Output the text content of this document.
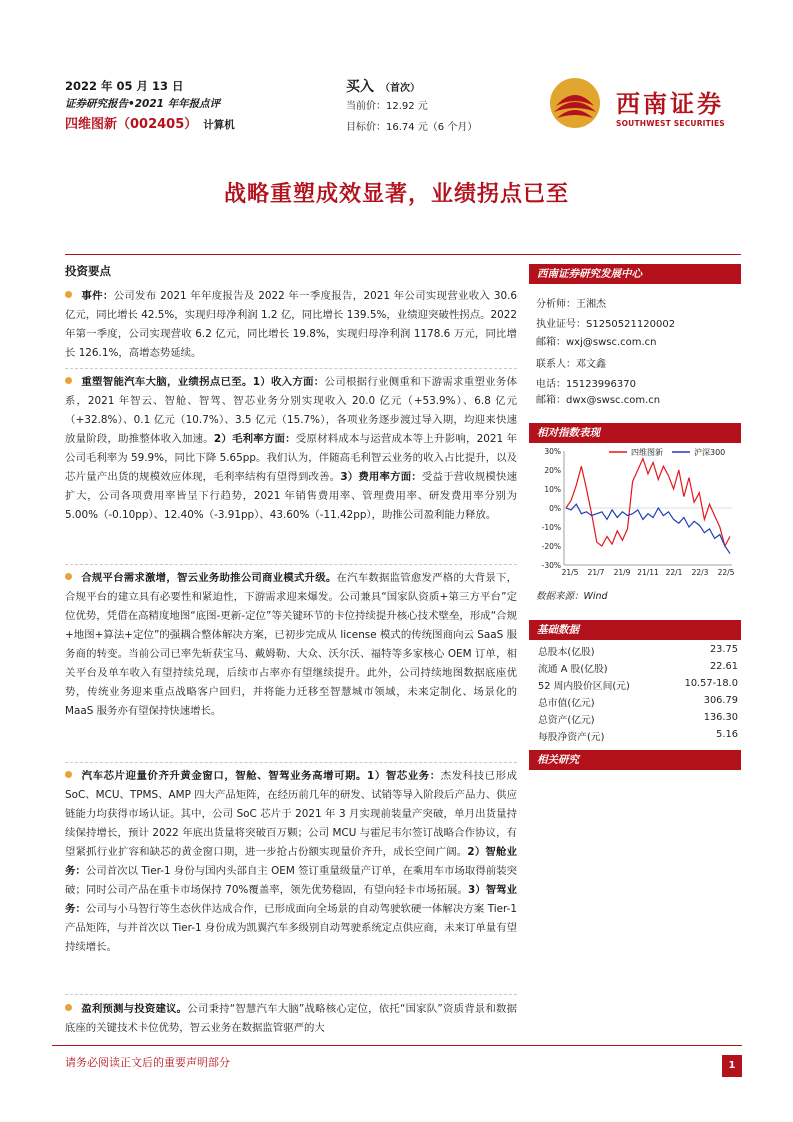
2022 年 05 月 13 日
证券研究报告•2021 年年报点评
四维图新（002405） 计算机
买入 （首次）
当前价：12.92 元
目标价：16.74 元（6 个月）
西南证券
SOUTHWEST SECURITIES
战略重塑成效显著，业绩拐点已至
投资要点
事件：公司发布 2021 年年度报告及 2022 年一季度报告，2021 年公司实现营业收入 30.6 亿元，同比增长 42.5%，实现归母净利润 1.2 亿，同比增长 139.5%，业绩迎突破性拐点。2022 年第一季度，公司实现营收 6.2 亿元，同比增长 19.8%，实现归母净利润 1178.6 万元，同比增长 126.1%，高增态势延续。
重塑智能汽车大脑，业绩拐点已至。1）收入方面：公司根据行业侧重和下游需求重塑业务体系，2021 年智云、智舱、智驾、智芯业务分别实现收入 20.0 亿元（+53.9%）、6.8 亿元（+32.8%）、0.1 亿元（10.7%）、3.5 亿元（15.7%），各项业务逐步渡过导入期，均迎来快速放量阶段，助推整体收入加速。2）毛利率方面：受原材料成本与运营成本等上升影响，2021 年公司毛利率为 59.9%，同比下降 5.65pp。我们认为，伴随高毛利智云业务的收入占比提升，以及芯片量产出货的规模效应体现，毛利率结构有望得到改善。3）费用率方面：受益于营收规模快速扩大，公司各项费用率皆呈下行趋势，2021 年销售费用率、管理费用率、研发费用率分别为 5.00%（-0.10pp）、12.40%（-3.91pp）、43.60%（-11.42pp），助推公司盈利能力释放。
合规平台需求激增，智云业务助推公司商业模式升级。在汽车数据监管愈发严格的大背景下，合规平台的建立具有必要性和紧迫性，下游需求迎来爆发。公司兼具“国家队资质+第三方平台”定位优势，凭借在高精度地图“底图-更新-定位”等关键环节的卡位持续提升核心技术壁垒，形成“合规+地图+算法+定位”的强耦合整体解决方案，已初步完成从 license 模式的传统图商向云 SaaS 服务商的转变。当前公司已率先斩获宝马、戴姆勒、大众、沃尔沃、福特等多家核心 OEM 订单，相关平台及单车收入有望持续兑现，后续市占率亦有望继续提升。此外，公司持续地图数据底座优势，传统业务迎来重点战略客户回归，并将能力迁移至智慧城市领域，未来定制化、场景化的 MaaS 服务亦有望保持快速增长。
汽车芯片迎量价齐升黄金窗口，智舱、智驾业务高增可期。1）智芯业务：杰发科技已形成 SoC、MCU、TPMS、AMP 四大产品矩阵，在经历前几年的研发、试销等导入阶段后产品力、供应链能力均获得市场认证。其中，公司 SoC 芯片于 2021 年 3 月实现前装量产突破，单月出货量持续保持增长，预计 2022 年底出货量将突破百万颗；公司 MCU 与霍尼韦尔签订战略合作协议，有望紧抓行业扩容和缺芯的黄金窗口期，进一步抢占份额实现量价齐升，成长空间广阔。2）智舱业务：公司首次以 Tier-1 身份与国内头部自主 OEM 签订重量级量产订单，在乘用车市场取得前装突破；同时公司产品在重卡市场保持 70%覆盖率，领先优势稳固，有望向轻卡市场拓展。3）智驾业务：公司与小马智行等生态伙伴达成合作，已形成面向全场景的自动驾驶软硬一体解决方案 Tier-1 产品矩阵，与并首次以 Tier-1 身份成为凯翼汽车多级别自动驾驶系统定点供应商，未来订单量有望持续增长。
盈利预测与投资建议。公司秉持“智慧汽车大脑”战略核心定位，依托“国家队”资质背景和数据底座的关键技术卡位优势，智云业务在数据监管驱严的大
西南证券研究发展中心
分析师：王湘杰
执业证号：S1250521120002
邮箱：wxj@swsc.com.cn
联系人：邓文鑫
电话：15123996370
邮箱：dwx@swsc.com.cn
相对指数表现
30%
20%
10%
0%
-10%
-20%
-30%
21/5 21/7 21/9 21/11 22/1 22/3 22/5
四维图新	沪深300
数据来源：Wind
基础数据
总股本(亿股)	23.75
流通 A 股(亿股)	22.61
52 周内股价区间(元)	10.57-18.0
总市值(亿元)	306.79
总资产(亿元)	136.30
每股净资产(元)	5.16
相关研究
请务必阅读正文后的重要声明部分	1
